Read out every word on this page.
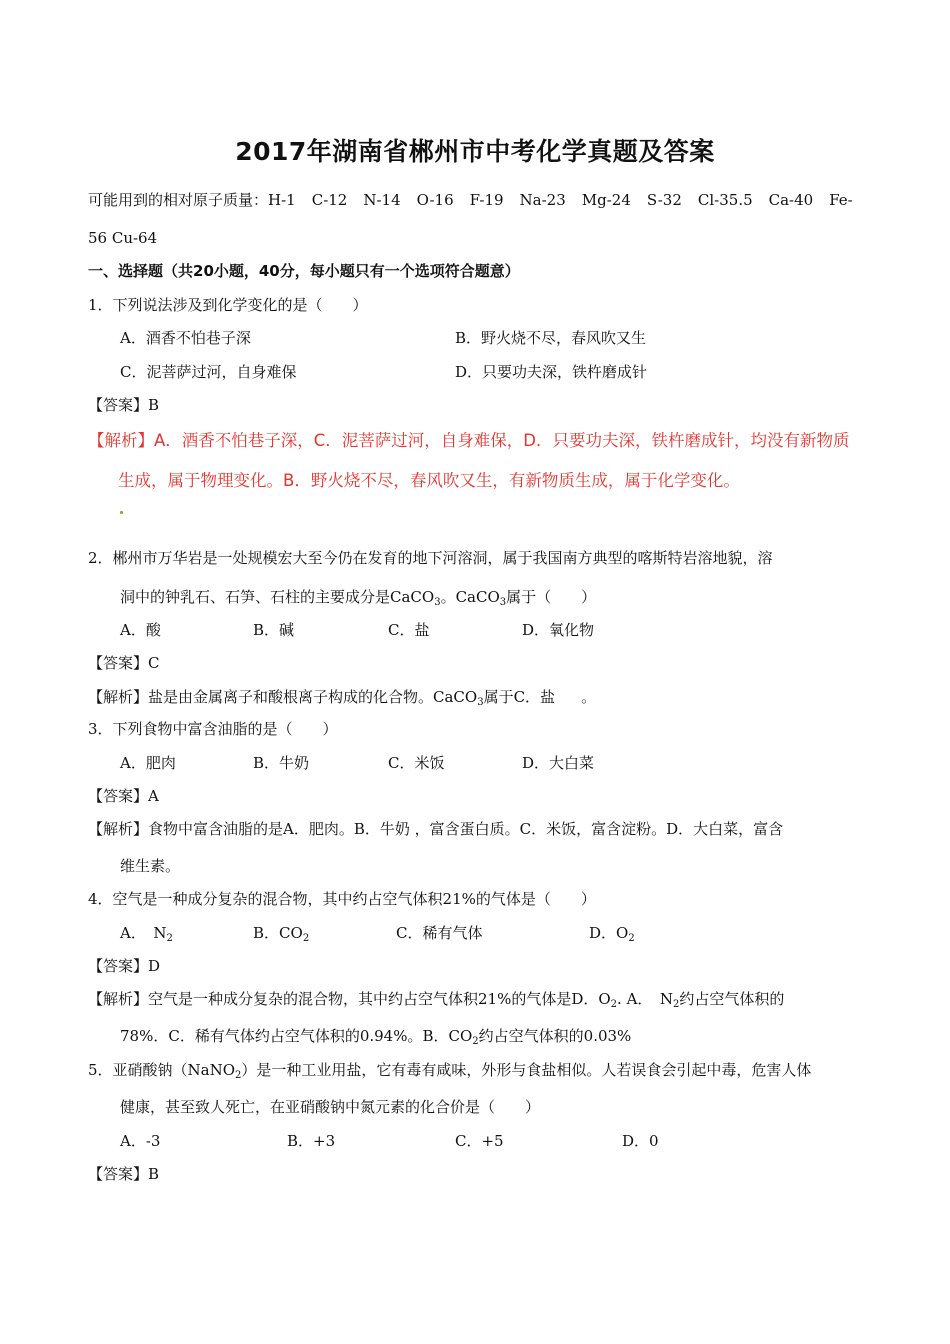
2017年湖南省郴州市中考化学真题及答案
可能用到的相对原子质量：H-1 C-12 N-14 O-16 F-19 Na-23 Mg-24 S-32 Cl-35.5 Ca-40 Fe-
56 Cu-64
一、选择题（共20小题，40分，每小题只有一个选项符合题意）
1．下列说法涉及到化学变化的是（　　）
A．酒香不怕巷子深	B．野火烧不尽，春风吹又生
C．泥菩萨过河，自身难保	D．只要功夫深，铁杵磨成针
【答案】B
【解析】A．酒香不怕巷子深，C．泥菩萨过河，自身难保，D．只要功夫深，铁杵磨成针，均没有新物质
生成，属于物理变化。B．野火烧不尽，春风吹又生，有新物质生成，属于化学变化。
2．郴州市万华岩是一处规模宏大至今仍在发育的地下河溶洞，属于我国南方典型的喀斯特岩溶地貌，溶
洞中的钟乳石、石笋、石柱的主要成分是CaCO$_3$。CaCO$_3$属于（　　）
A．酸	B．碱	C．盐	D．氧化物
【答案】C
【解析】盐是由金属离子和酸根离子构成的化合物。CaCO$_3$属于C．盐 。
3．下列食物中富含油脂的是（　　）
A．肥肉	B．牛奶	C．米饭	D．大白菜
【答案】A
【解析】食物中富含油脂的是A．肥肉。B．牛奶 ，富含蛋白质。C．米饭，富含淀粉。D．大白菜，富含
维生素。
4．空气是一种成分复杂的混合物，其中约占空气体积21%的气体是（　　）
A．　$N_2$	B．$CO_2$	C．稀有气体	D．$O_2$
【答案】D
【解析】空气是一种成分复杂的混合物，其中约占空气体积21%的气体是D．$O_2$. A．　$N_2$约占空气体积的
78%．C．稀有气体约占空气体积的0.94%。B．$CO_2$约占空气体积的0.03%
5．亚硝酸钠（NaNO$_2$）是一种工业用盐，它有毒有咸味，外形与食盐相似。人若误食会引起中毒，危害人体
健康，甚至致人死亡，在亚硝酸钠中氮元素的化合价是（　　）
A．-3	B．+3	C．+5	D．0
【答案】B
